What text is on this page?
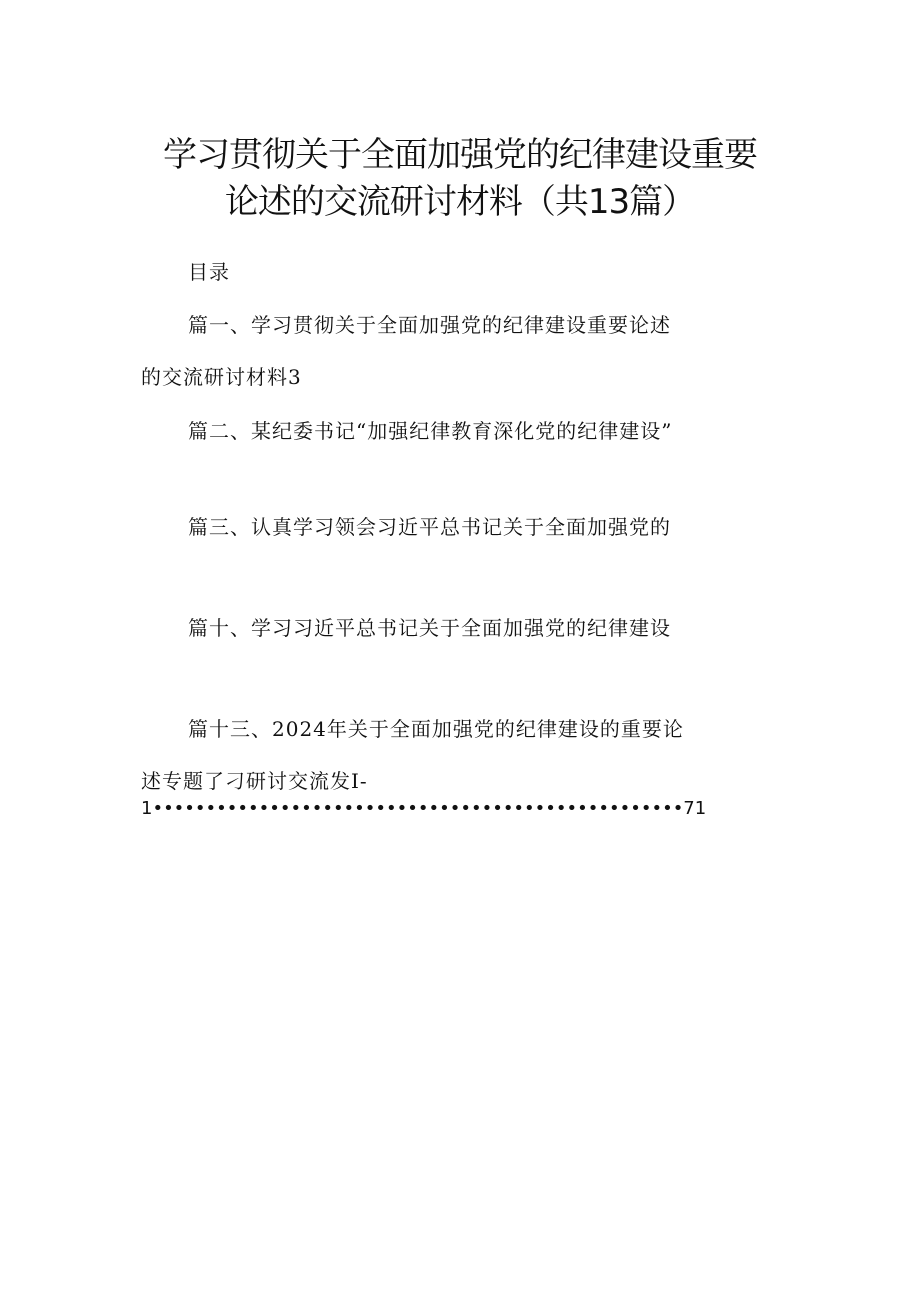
学习贯彻关于全面加强党的纪律建设重要
论述的交流研讨材料（共13篇）
目录
篇一、学习贯彻关于全面加强党的纪律建设重要论述
的交流研讨材料3
篇二、某纪委书记“加强纪律教育深化党的纪律建设”
篇三、认真学习领会习近平总书记关于全面加强党的
篇十、学习习近平总书记关于全面加强党的纪律建设
篇十三、2024年关于全面加强党的纪律建设的重要论
述专题了刁研讨交流发I-
1••••••••••••••••••••••••••••••••••••••••••••••••••71
